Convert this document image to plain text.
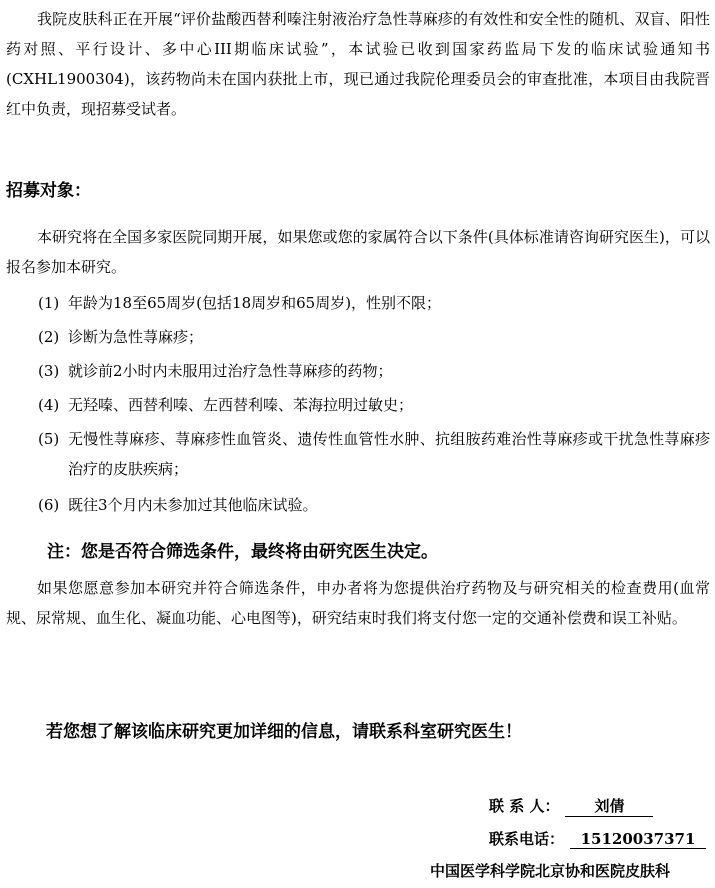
我院皮肤科正在开展“评价盐酸西替利嗪注射液治疗急性荨麻疹的有效性和安全性的随机、双盲、阳性药对照、平行设计、多中心III期临床试验”，本试验已收到国家药监局下发的临床试验通知书(CXHL1900304)，该药物尚未在国内获批上市，现已通过我院伦理委员会的审查批准，本项目由我院晋红中负责，现招募受试者。
招募对象：
本研究将在全国多家医院同期开展，如果您或您的家属符合以下条件(具体标准请咨询研究医生)，可以报名参加本研究。
(1) 年龄为18至65周岁(包括18周岁和65周岁)，性别不限；
(2) 诊断为急性荨麻疹；
(3) 就诊前2小时内未服用过治疗急性荨麻疹的药物；
(4) 无羟嗪、西替利嗪、左西替利嗪、苯海拉明过敏史；
(5) 无慢性荨麻疹、荨麻疹性血管炎、遗传性血管性水肿、抗组胺药难治性荨麻疹或干扰急性荨麻疹治疗的皮肤疾病；
(6) 既往3个月内未参加过其他临床试验。
注：您是否符合筛选条件，最终将由研究医生决定。
如果您愿意参加本研究并符合筛选条件，申办者将为您提供治疗药物及与研究相关的检查费用(血常规、尿常规、血生化、凝血功能、心电图等)，研究结束时我们将支付您一定的交通补偿费和误工补贴。
若您想了解该临床研究更加详细的信息，请联系科室研究医生！
联 系 人： 刘倩
联系电话： 15120037371
中国医学科学院北京协和医院皮肤科
